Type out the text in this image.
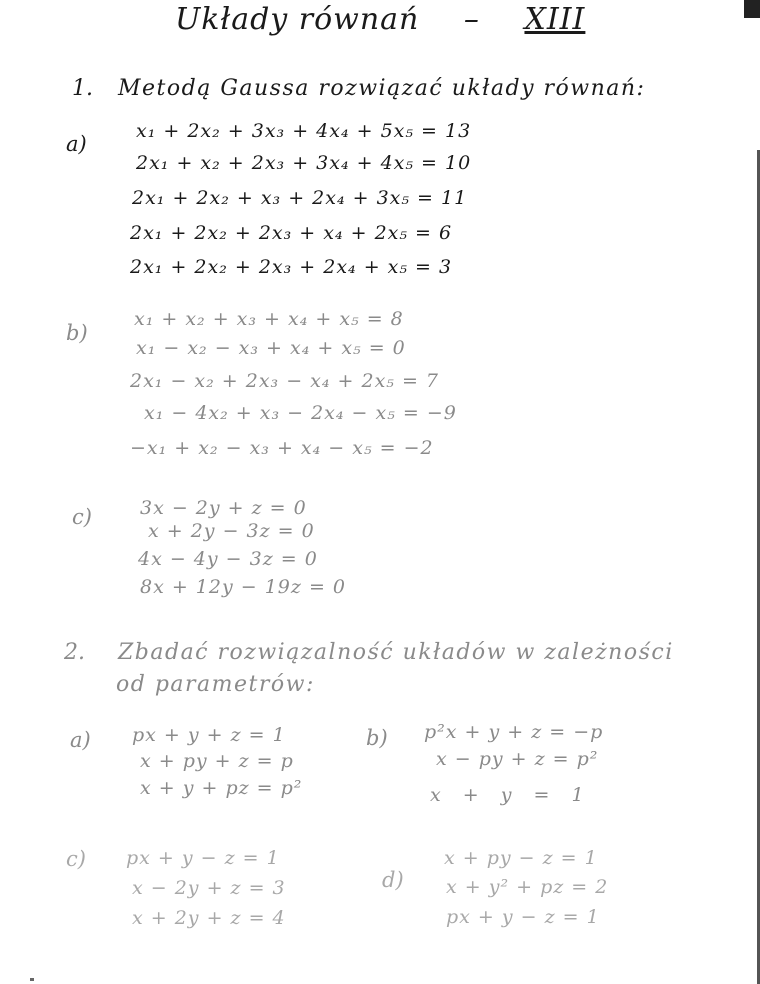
Układy równań – XIII
1. Metodą Gaussa rozwiązać układy równań:
a)
x₁ + 2x₂ + 3x₃ + 4x₄ + 5x₅ = 13
2x₁ + x₂ + 2x₃ + 3x₄ + 4x₅ = 10
2x₁ + 2x₂ + x₃ + 2x₄ + 3x₅ = 11
2x₁ + 2x₂ + 2x₃ + x₄ + 2x₅ = 6
2x₁ + 2x₂ + 2x₃ + 2x₄ + x₅ = 3
b)
x₁ + x₂ + x₃ + x₄ + x₅ = 8
x₁ − x₂ − x₃ + x₄ + x₅ = 0
2x₁ − x₂ + 2x₃ − x₄ + 2x₅ = 7
x₁ − 4x₂ + x₃ − 2x₄ − x₅ = −9
−x₁ + x₂ − x₃ + x₄ − x₅ = −2
c)	3x − 2y + z = 0
x + 2y − 3z = 0
4x − 4y − 3z = 0
8x + 12y − 19z = 0
2. Zbadać rozwiązalność układów w zależności
od parametrów:
a) px + y + z = 1
x + py + z = p
x + y + pz = p²
b) p²x + y + z = −p
x − py + z = p²
x + y = 1
c) px + y − z = 1
x − 2y + z = 3
x + 2y + z = 4
d)
x + py − z = 1
x + y² + pz = 2
px + y − z = 1
